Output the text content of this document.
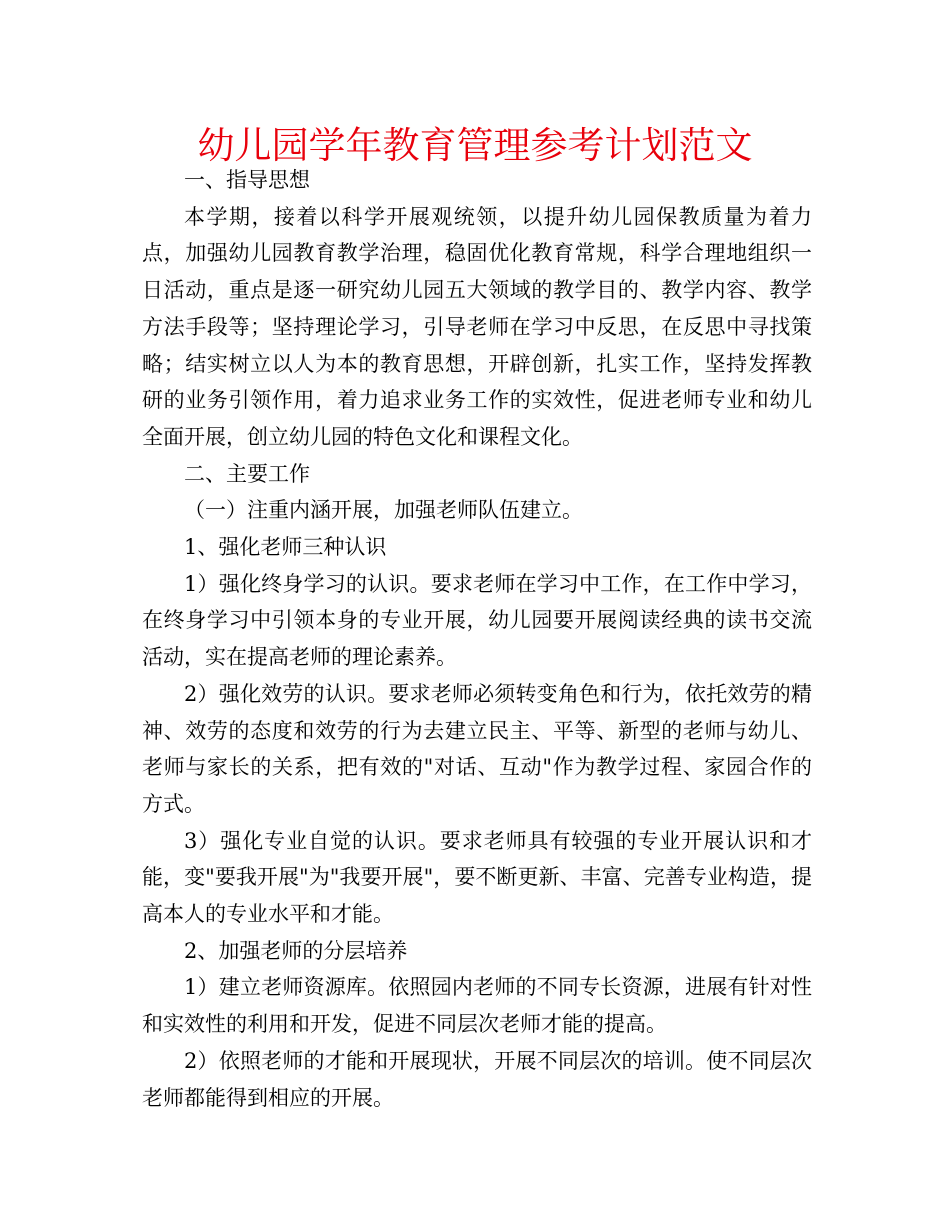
幼儿园学年教育管理参考计划范文

一、指导思想

本学期，接着以科学开展观统领，以提升幼儿园保教质量为着力点，加强幼儿园教育教学治理，稳固优化教育常规，科学合理地组织一日活动，重点是逐一研究幼儿园五大领域的教学目的、教学内容、教学方法手段等；坚持理论学习，引导老师在学习中反思，在反思中寻找策略；结实树立以人为本的教育思想，开辟创新，扎实工作，坚持发挥教研的业务引领作用，着力追求业务工作的实效性，促进老师专业和幼儿全面开展，创立幼儿园的特色文化和课程文化。

二、主要工作

（一）注重内涵开展，加强老师队伍建立。

1、强化老师三种认识

1）强化终身学习的认识。要求老师在学习中工作，在工作中学习，在终身学习中引领本身的专业开展，幼儿园要开展阅读经典的读书交流活动，实在提高老师的理论素养。

2）强化效劳的认识。要求老师必须转变角色和行为，依托效劳的精神、效劳的态度和效劳的行为去建立民主、平等、新型的老师与幼儿、老师与家长的关系，把有效的"对话、互动"作为教学过程、家园合作的方式。

3）强化专业自觉的认识。要求老师具有较强的专业开展认识和才能，变"要我开展"为"我要开展"，要不断更新、丰富、完善专业构造，提高本人的专业水平和才能。

2、加强老师的分层培养

1）建立老师资源库。依照园内老师的不同专长资源，进展有针对性和实效性的利用和开发，促进不同层次老师才能的提高。

2）依照老师的才能和开展现状，开展不同层次的培训。使不同层次老师都能得到相应的开展。
